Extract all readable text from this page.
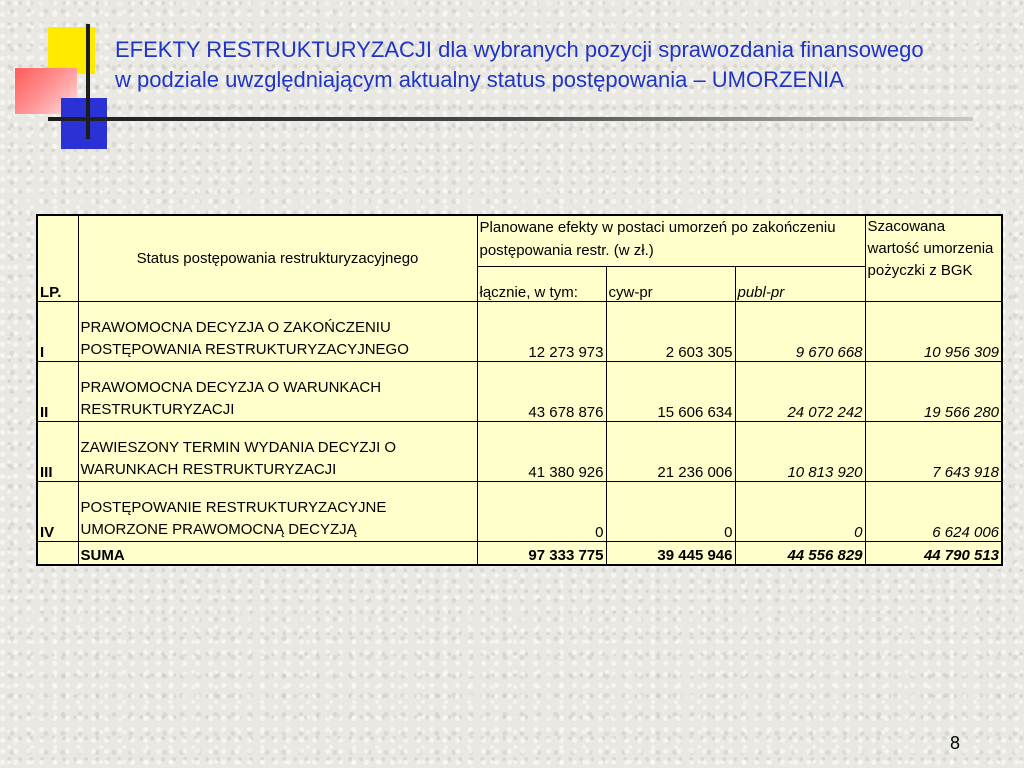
EFEKTY RESTRUKTURYZACJI dla wybranych pozycji sprawozdania finansowego
w podziale uwzględniającym aktualny status postępowania – UMORZENIA
LP.	Status postępowania restrukturyzacyjnego	Planowane efekty w postaci umorzeń po zakończeniu postępowania restr. (w zł.)			Szacowana wartość umorzenia pożyczki z BGK
		łącznie, w tym:	cyw-pr	publ-pr	
I	PRAWOMOCNA DECYZJA O ZAKOŃCZENIU POSTĘPOWANIA RESTRUKTURYZACYJNEGO	12 273 973	2 603 305	9 670 668	10 956 309
II	PRAWOMOCNA DECYZJA O WARUNKACH RESTRUKTURYZACJI	43 678 876	15 606 634	24 072 242	19 566 280
III	ZAWIESZONY TERMIN WYDANIA DECYZJI O WARUNKACH RESTRUKTURYZACJI	41 380 926	21 236 006	10 813 920	7 643 918
IV	POSTĘPOWANIE RESTRUKTURYZACYJNE UMORZONE PRAWOMOCNĄ DECYZJĄ	0	0	0	6 624 006
	SUMA	97 333 775	39 445 946	44 556 829	44 790 513
8
